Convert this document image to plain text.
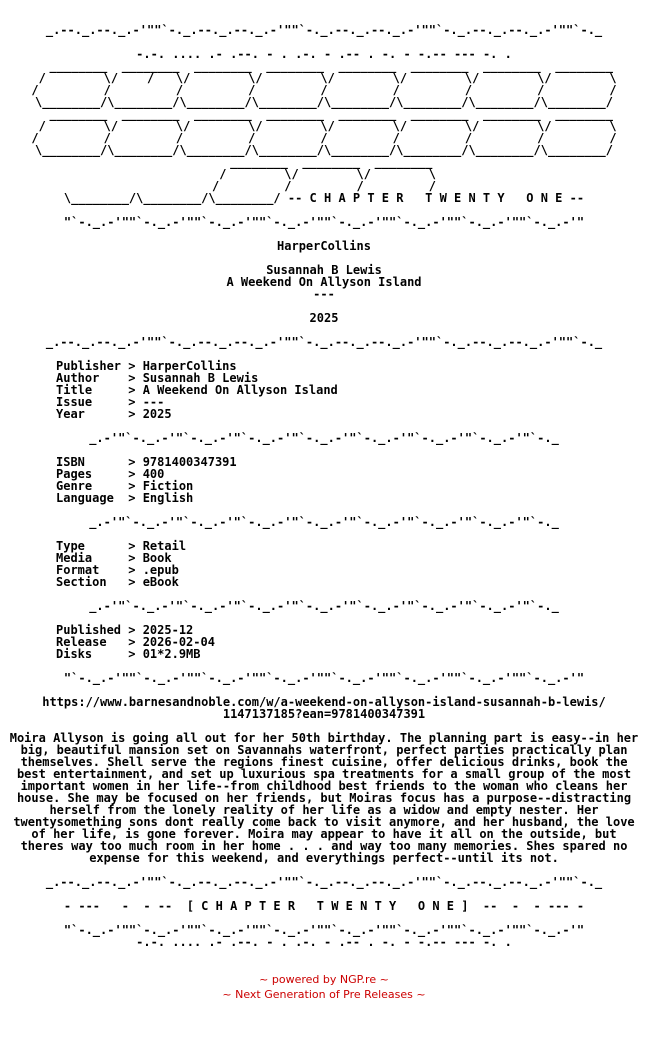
_.--._.--._.-'""`-._.--._.--._.-'""`-._.--._.--._.-'""`-._.--._.--._.-'""`-._
-.-. .... .- .--. - . .-. - .-- . -. - -.-- --- -. .
________  ________  ________  ________  ________  ________  ________  ________
/        \/    /   \/        \/        \/        \/        \/        \/        \
/         /         /         /         /         /         /         /         /
\________/\________/\________/\________/\________/\________/\________/\________/
________  ________  ________  ________  ________  ________  ________  ________
/        \/        \/        \/        \/        \/        \/        \/        \
/         /         /         /         /         /         /         /         /
\________/\________/\________/\________/\________/\________/\________/\________/
________  ________  ________
/        \/        \/        \
/         /         /         /
\________/\________/\________/ -- C H A P T E R   T W E N T Y   O N E --
"`-._.-'""`-._.-'""`-._.-'""`-._.-'""`-._.-'""`-._.-'""`-._.-'""`-._.-'"
HarperCollins
Susannah B Lewis
A Weekend On Allyson Island
---
2025
_.--._.--._.-'""`-._.--._.--._.-'""`-._.--._.--._.-'""`-._.--._.--._.-'""`-._
Publisher > HarperCollins
Author    > Susannah B Lewis
Title     > A Weekend On Allyson Island
Issue     > ---
Year      > 2025
_.-'"`-._.-'"`-._.-'"`-._.-'"`-._.-'"`-._.-'"`-._.-'"`-._.-'"`-._
ISBN      > 9781400347391
Pages     > 400
Genre     > Fiction
Language  > English
_.-'"`-._.-'"`-._.-'"`-._.-'"`-._.-'"`-._.-'"`-._.-'"`-._.-'"`-._
Type      > Retail
Media     > Book
Format    > .epub
Section   > eBook
_.-'"`-._.-'"`-._.-'"`-._.-'"`-._.-'"`-._.-'"`-._.-'"`-._.-'"`-._
Published > 2025-12
Release   > 2026-02-04
Disks     > 01*2.9MB
"`-._.-'""`-._.-'""`-._.-'""`-._.-'""`-._.-'""`-._.-'""`-._.-'""`-._.-'"
https://www.barnesandnoble.com/w/a-weekend-on-allyson-island-susannah-b-lewis/
1147137185?ean=9781400347391
Moira Allyson is going all out for her 50th birthday. The planning part is easy--in her big, beautiful mansion set on Savannahs waterfront, perfect parties practically plan themselves. Shell serve the regions finest cuisine, offer delicious drinks, book the best entertainment, and set up luxurious spa treatments for a small group of the most important women in her life--from childhood best friends to the woman who cleans her house. She may be focused on her friends, but Moiras focus has a purpose--distracting herself from the lonely reality of her life as a widow and empty nester. Her twentysomething sons dont really come back to visit anymore, and her husband, the love of her life, is gone forever. Moira may appear to have it all on the outside, but theres way too much room in her home . . . and way too many memories. Shes spared no expense for this weekend, and everythings perfect--until its not.
_.--._.--._.-'""`-._.--._.--._.-'""`-._.--._.--._.-'""`-._.--._.--._.-'""`-._
- ---   -  - --  [ C H A P T E R   T W E N T Y   O N E ]  --  -  - --- -
"`-._.-'""`-._.-'""`-._.-'""`-._.-'""`-._.-'""`-._.-'""`-._.-'""`-._.-'"
-.-. .... .- .--. - . .-. - .-- . -. - -.-- --- -. .
~ powered by NGP.re ~
~ Next Generation of Pre Releases ~
